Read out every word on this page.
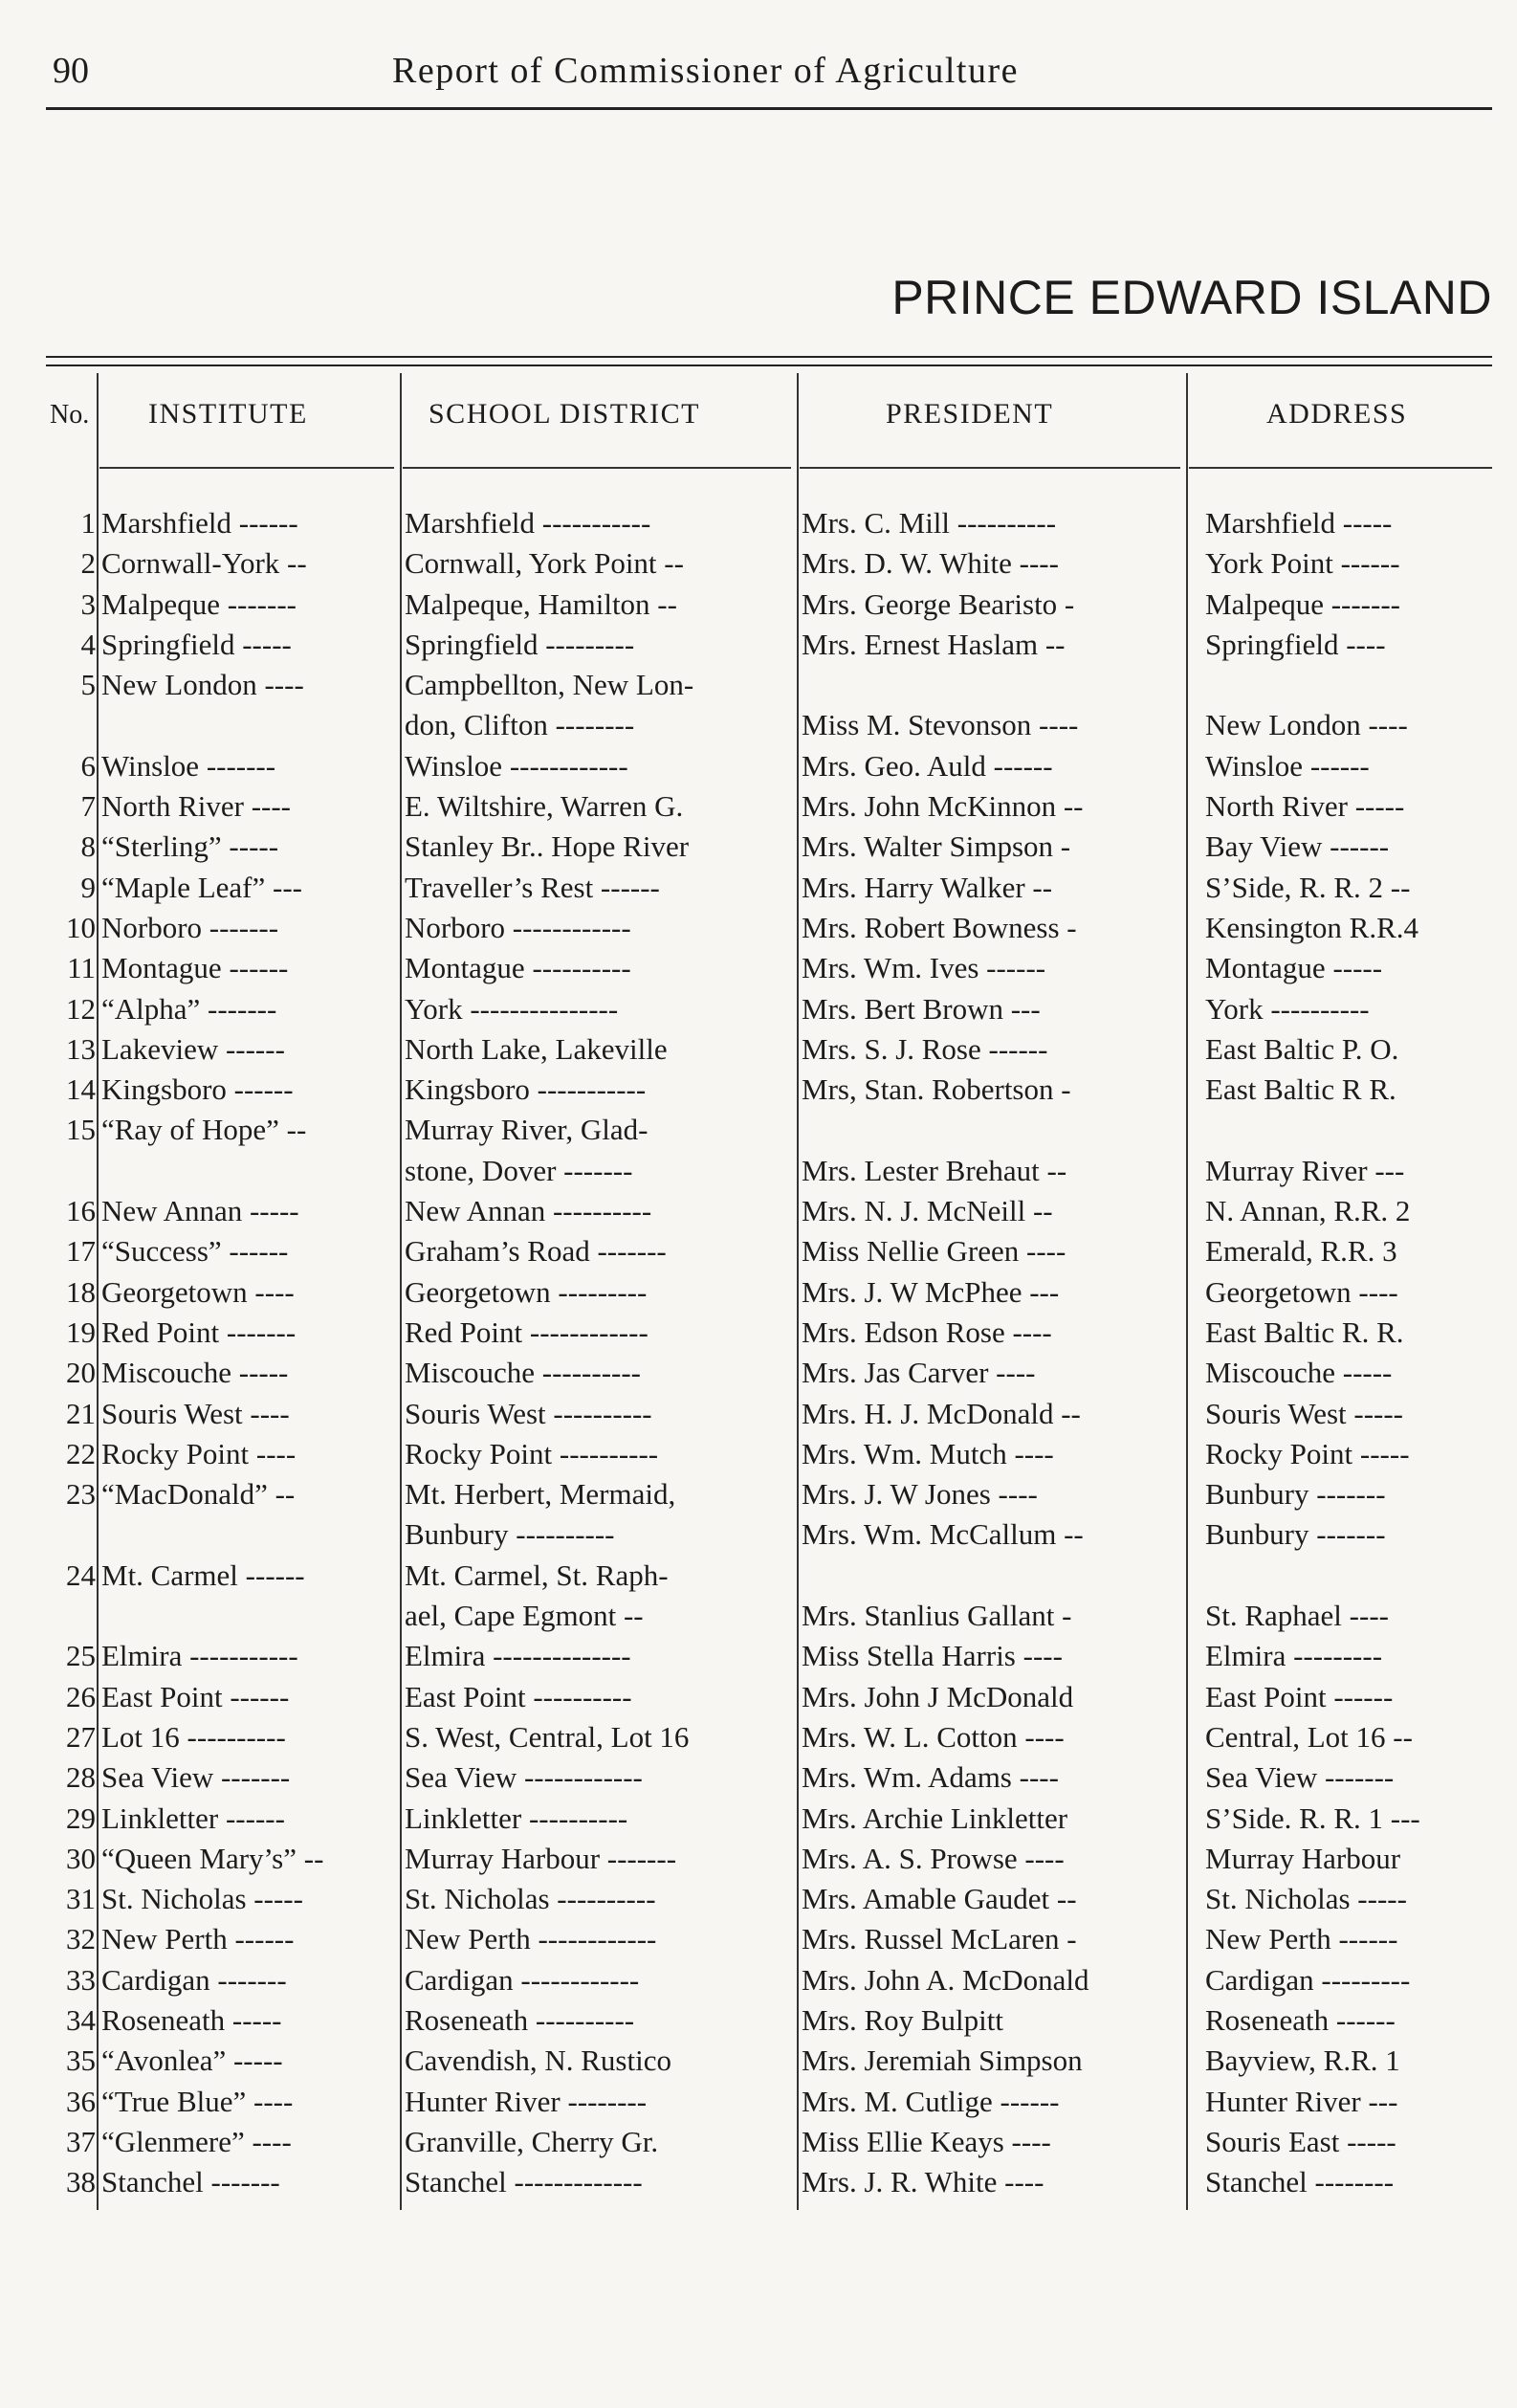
90	Report of Commissioner of Agriculture
PRINCE EDWARD ISLAND
No. INSTITUTE	SCHOOL DISTRICT	PRESIDENT	ADDRESS
1 Marshfield ------	Marshfield -----------	Mrs. C. Mill ----------	Marshfield -----
2 Cornwall-York --	Cornwall, York Point --	Mrs. D. W. White ----	York Point ------
3 Malpeque -------	Malpeque, Hamilton --	Mrs. George Bearisto -	Malpeque -------
4 Springfield -----	Springfield ---------	Mrs. Ernest Haslam --	Springfield ----
5 New London ----	Campbellton, New Lon-
don, Clifton --------	Miss M. Stevonson ----	New London ----
6 Winsloe -------	Winsloe ------------	Mrs. Geo. Auld ------	Winsloe ------
7 North River ----	E. Wiltshire, Warren G.	Mrs. John McKinnon --	North River -----
8 “Sterling” -----	Stanley Br.. Hope River	Mrs. Walter Simpson -	Bay View ------
9 “Maple Leaf” ---	Traveller’s Rest ------	Mrs. Harry Walker --	S’Side, R. R. 2 --
10 Norboro -------	Norboro ------------	Mrs. Robert Bowness -	Kensington R.R.4
11 Montague ------	Montague ----------	Mrs. Wm. Ives ------	Montague -----
12 “Alpha” -------	York ---------------	Mrs. Bert Brown ---	York ----------
13 Lakeview ------	North Lake, Lakeville	Mrs. S. J. Rose ------	East Baltic P. O.
14 Kingsboro ------	Kingsboro -----------	Mrs, Stan. Robertson -	East Baltic R R.
15 “Ray of Hope” --	Murray River, Glad-
stone, Dover -------	Mrs. Lester Brehaut --	Murray River ---
16 New Annan -----	New Annan ----------	Mrs. N. J. McNeill --	N. Annan, R.R. 2
17 “Success” ------	Graham’s Road -------	Miss Nellie Green ----	Emerald, R.R. 3
18 Georgetown ----	Georgetown ---------	Mrs. J. W McPhee ---	Georgetown ----
19 Red Point -------	Red Point ------------	Mrs. Edson Rose ----	East Baltic R. R.
20 Miscouche -----	Miscouche ----------	Mrs. Jas Carver ----	Miscouche -----
21 Souris West ----	Souris West ----------	Mrs. H. J. McDonald --	Souris West -----
22 Rocky Point ----	Rocky Point ----------	Mrs. Wm. Mutch ----	Rocky Point -----
23 “MacDonald” --	Mt. Herbert, Mermaid,	Mrs. J. W Jones ----	Bunbury -------
Bunbury ----------	Mrs. Wm. McCallum --	Bunbury -------
24 Mt. Carmel ------	Mt. Carmel, St. Raph-
ael, Cape Egmont --	Mrs. Stanlius Gallant -	St. Raphael ----
25 Elmira -----------	Elmira --------------	Miss Stella Harris ----	Elmira ---------
26 East Point ------	East Point ----------	Mrs. John J McDonald	East Point ------
27 Lot 16 ----------	S. West, Central, Lot 16	Mrs. W. L. Cotton ----	Central, Lot 16 --
28 Sea View -------	Sea View ------------	Mrs. Wm. Adams ----	Sea View -------
29 Linkletter ------	Linkletter ----------	Mrs. Archie Linkletter	S’Side. R. R. 1 ---
30 “Queen Mary’s” --	Murray Harbour -------	Mrs. A. S. Prowse ----	Murray Harbour
31 St. Nicholas -----	St. Nicholas ----------	Mrs. Amable Gaudet --	St. Nicholas -----
32 New Perth ------	New Perth ------------	Mrs. Russel McLaren -	New Perth ------
33 Cardigan -------	Cardigan ------------	Mrs. John A. McDonald	Cardigan ---------
34 Roseneath -----	Roseneath ----------	Mrs. Roy Bulpitt	Roseneath ------
35 “Avonlea” -----	Cavendish, N. Rustico	Mrs. Jeremiah Simpson	Bayview, R.R. 1
36 “True Blue” ----	Hunter River --------	Mrs. M. Cutlige ------	Hunter River ---
37 “Glenmere” ----	Granville, Cherry Gr.	Miss Ellie Keays ----	Souris East -----
38 Stanchel -------	Stanchel -------------	Mrs. J. R. White ----	Stanchel --------
